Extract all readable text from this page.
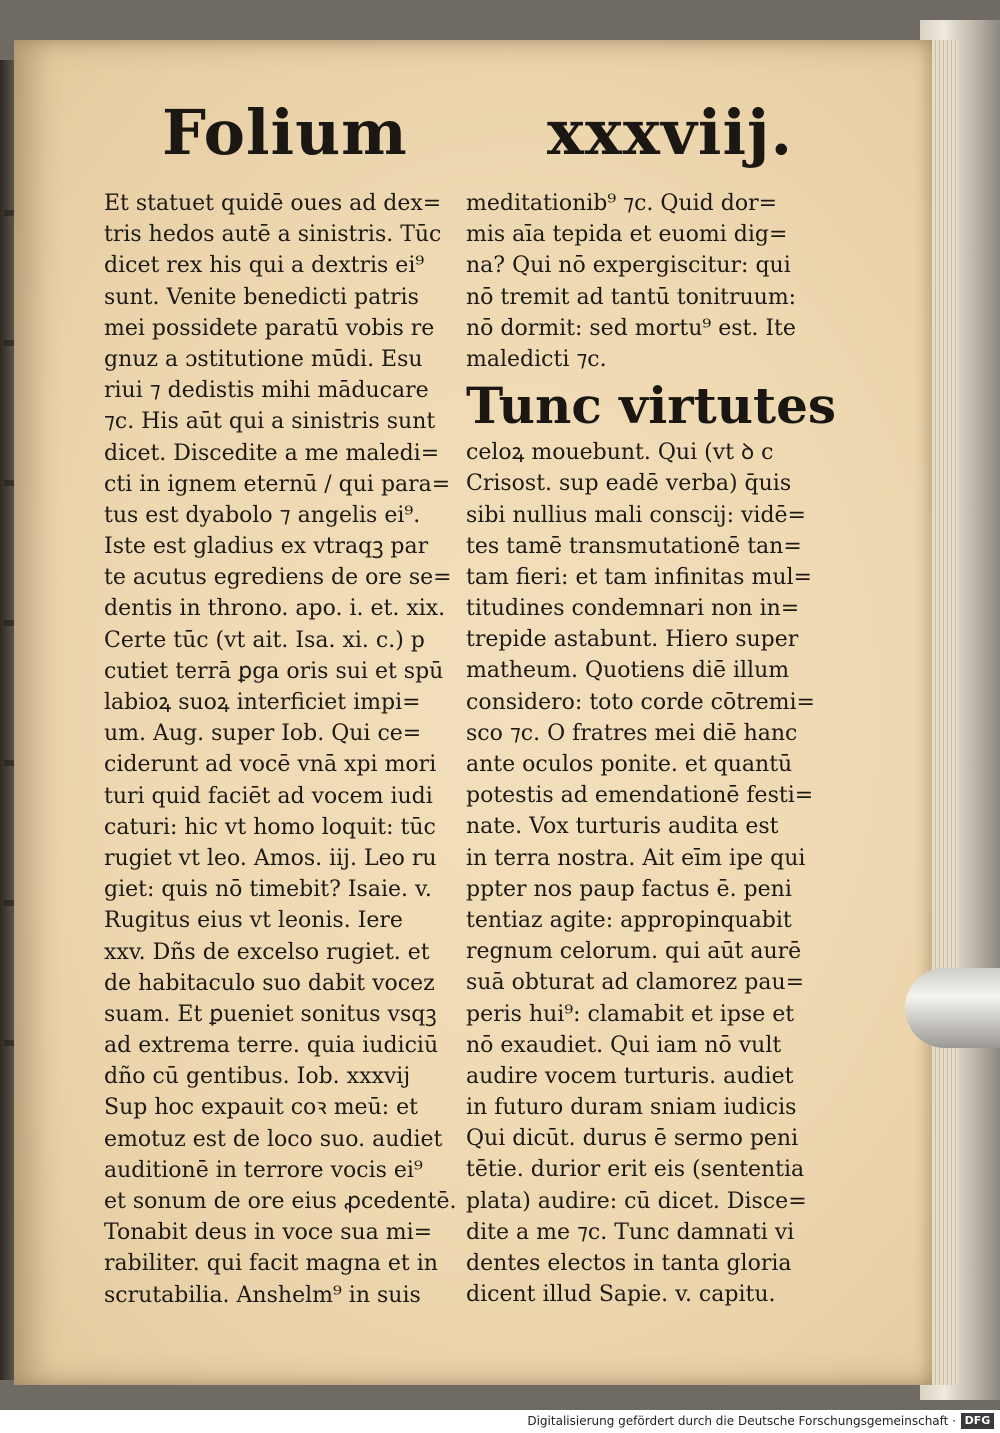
Folium xxxviij.
Et statuet quidē oues ad dex=
tris hedos autē a sinistris. Tūc
dicet rex his qui a dextris ei⁹
sunt. Venite benedicti patris
mei possidete paratū vobis re
gnuz a ɔstitutione mūdi. Esu
riui ⁊ dedistis mihi māducare
⁊c. His aūt qui a sinistris sunt
dicet. Discedite a me maledi=
cti in ignem eternū / qui para=
tus est dyabolo ⁊ angelis ei⁹.
Iste est gladius ex vtraqꝫ par
te acutus egrediens de ore se=
dentis in throno. apo. i. et. xix.
Certe tūc (vt ait. Isa. xi. c.) p
cutiet terrā ꝑga oris sui et spū
labioꝝ suoꝝ interficiet impi=
um. Aug. super Iob. Qui ce=
ciderunt ad vocē vnā xpi mori
turi quid faciēt ad vocem iudi
caturi: hic vt homo loquit: tūc
rugiet vt leo. Amos. iij. Leo ru
giet: quis nō timebit? Isaie. v.
Rugitus eius vt leonis. Iere
xxv. Dñs de excelso rugiet. et
de habitaculo suo dabit vocez
suam. Et ꝑueniet sonitus vsqꝫ
ad extrema terre. quia iudiciū
dño cū gentibus. Iob. xxxvij
Sup hoc expauit coꝛ meū: et
emotuz est de loco suo. audiet
auditionē in terrore vocis ei⁹
et sonum de ore eius ꝓcedentē.
Tonabit deus in voce sua mi=
rabiliter. qui facit magna et in
scrutabilia. Anshelm⁹ in suis
meditationib⁹ ⁊c. Quid dor=
mis aīa tepida et euomi dig=
na? Qui nō expergiscitur: qui
nō tremit ad tantū tonitruum:
nō dormit: sed mortu⁹ est. Ite
maledicti ⁊c.
Tunc virtutes
celoꝝ mouebunt. Qui (vt ꝺ c
Crisost. sup eadē verba) q̄uis
sibi nullius mali conscij: vidē=
tes tamē transmutationē tan=
tam fieri: et tam infinitas mul=
titudines condemnari non in=
trepide astabunt. Hiero super
matheum. Quotiens diē illum
considero: toto corde cōtremi=
sco ⁊c. O fratres mei diē hanc
ante oculos ponite. et quantū
potestis ad emendationē festi=
nate. Vox turturis audita est
in terra nostra. Ait eīm ipe qui
ppter nos paup factus ē. peni
tentiaz agite: appropinquabit
regnum celorum. qui aūt aurē
suā obturat ad clamorez pau=
peris hui⁹: clamabit et ipse et
nō exaudiet. Qui iam nō vult
audire vocem turturis. audiet
in futuro duram sniam iudicis
Qui dicūt. durus ē sermo peni
tētie. durior erit eis (sententia
plata) audire: cū dicet. Disce=
dite a me ⁊c. Tunc damnati vi
dentes electos in tanta gloria
dicent illud Sapie. v. capitu.
Digitalisierung gefördert durch die Deutsche Forschungsgemeinschaft · DFG
